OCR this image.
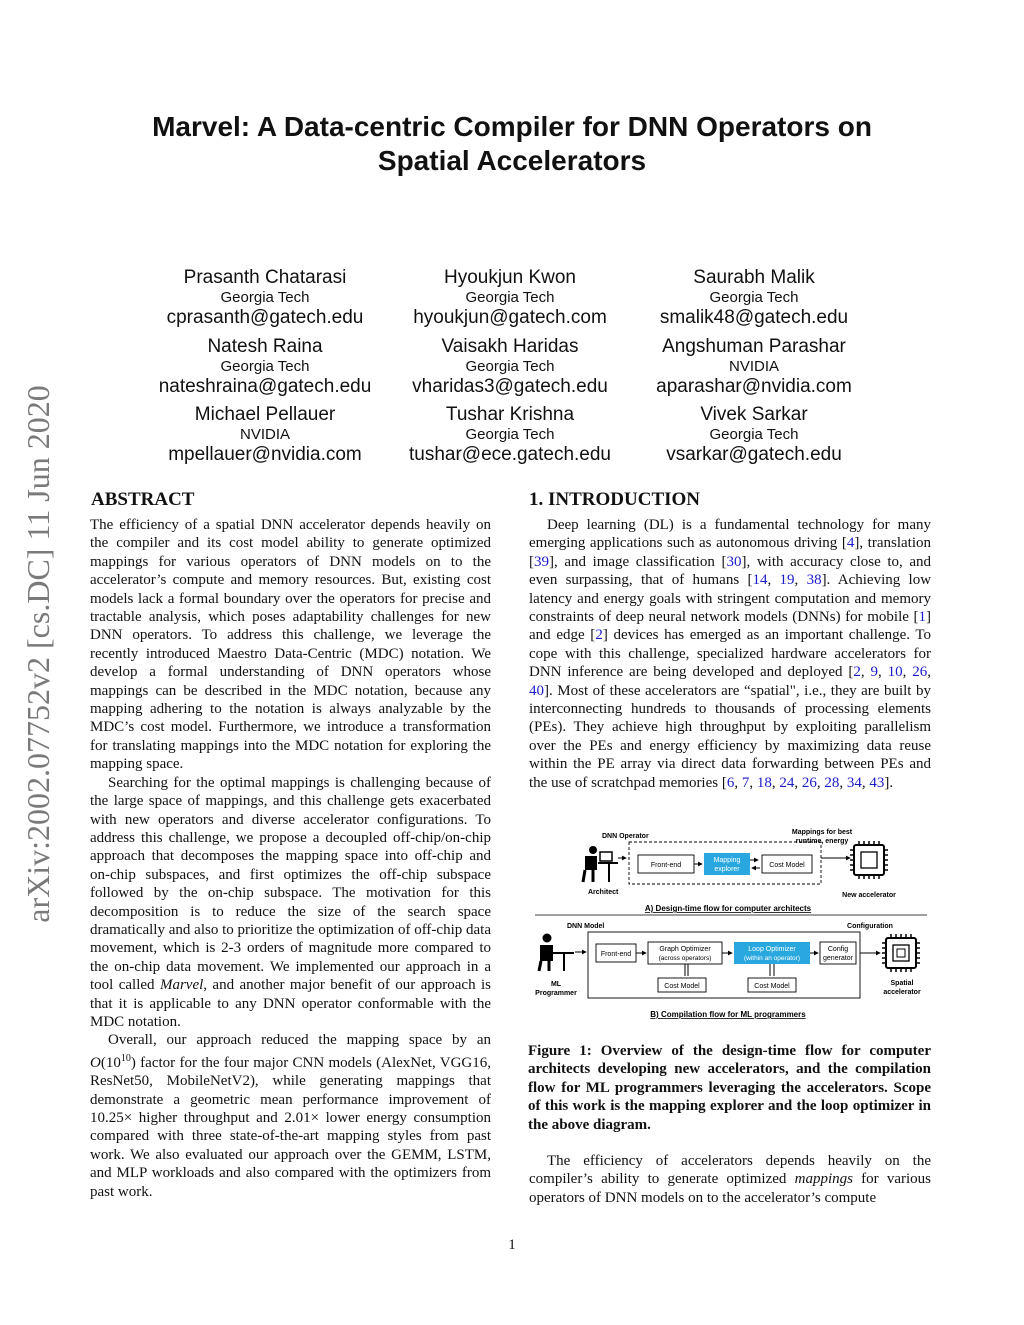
Marvel: A Data-centric Compiler for DNN Operators on
Spatial Accelerators
arXiv:2002.07752v2 [cs.DC] 11 Jun 2020
Prasanth Chatarasi
Georgia Tech
cprasanth@gatech.edu
Hyoukjun Kwon
Georgia Tech
hyoukjun@gatech.com
Saurabh Malik
Georgia Tech
smalik48@gatech.edu
Natesh Raina
Georgia Tech
nateshraina@gatech.edu
Vaisakh Haridas
Georgia Tech
vharidas3@gatech.edu
Angshuman Parashar
NVIDIA
aparashar@nvidia.com
Michael Pellauer
NVIDIA
mpellauer@nvidia.com
Tushar Krishna
Georgia Tech
tushar@ece.gatech.edu
Vivek Sarkar
Georgia Tech
vsarkar@gatech.edu
ABSTRACT

The efficiency of a spatial DNN accelerator depends heavily on the compiler and its cost model ability to generate optimized mappings for various operators of DNN models on to the accelerator’s compute and memory resources. But, existing cost models lack a formal boundary over the operators for precise and tractable analysis, which poses adaptability challenges for new DNN operators. To address this challenge, we leverage the recently introduced Maestro Data-Centric (MDC) notation. We develop a formal understanding of DNN operators whose mappings can be described in the MDC notation, because any mapping adhering to the notation is always analyzable by the MDC’s cost model. Furthermore, we introduce a transformation for translating mappings into the MDC notation for exploring the mapping space.

Searching for the optimal mappings is challenging because of the large space of mappings, and this challenge gets exacerbated with new operators and diverse accelerator configurations. To address this challenge, we propose a decoupled off-chip/on-chip approach that decomposes the mapping space into off-chip and on-chip subspaces, and first optimizes the off-chip subspace followed by the on-chip subspace. The motivation for this decomposition is to reduce the size of the search space dramatically and also to prioritize the optimization of off-chip data movement, which is 2-3 orders of magnitude more compared to the on-chip data movement. We implemented our approach in a tool called Marvel, and another major benefit of our approach is that it is applicable to any DNN operator conformable with the MDC notation.

Overall, our approach reduced the mapping space by an $O(10^{10})$ factor for the four major CNN models (AlexNet, VGG16, ResNet50, MobileNetV2), while generating mappings that demonstrate a geometric mean performance improvement of 10.25× higher throughput and 2.01× lower energy consumption compared with three state-of-the-art mapping styles from past work. We also evaluated our approach over the GEMM, LSTM, and MLP workloads and also compared with the optimizers from past work.

1. INTRODUCTION

Deep learning (DL) is a fundamental technology for many emerging applications such as autonomous driving [4], translation [39], and image classification [30], with accuracy close to, and even surpassing, that of humans [14, 19, 38]. Achieving low latency and energy goals with stringent computation and memory constraints of deep neural network models (DNNs) for mobile [1] and edge [2] devices has emerged as an important challenge. To cope with this challenge, specialized hardware accelerators for DNN inference are being developed and deployed [2, 9, 10, 26, 40]. Most of these accelerators are “spatial", i.e., they are built by interconnecting hundreds to thousands of processing elements (PEs). They achieve high throughput by exploiting parallelism over the PEs and energy efficiency by maximizing data reuse within the PE array via direct data forwarding between PEs and the use of scratchpad memories [6, 7, 18, 24, 26, 28, 34, 43].

DNN Operator
Mappings for best
runtime, energy
Architect
Front-end
Mapping
explorer
Cost Model
New accelerator
A) Design-time flow for computer architects
DNN Model	Configuration
ML
Programmer
Front-end
Graph Optimizer
(across operators)
Loop Optimizer
(within an operator)
Config
generator
Cost Model	Cost Model	Spatial
accelerator
B) Compilation flow for ML programmers
Figure 1: Overview of the design-time flow for computer architects developing new accelerators, and the compilation flow for ML programmers leveraging the accelerators. Scope of this work is the mapping explorer and the loop optimizer in the above diagram.

The efficiency of accelerators depends heavily on the compiler’s ability to generate optimized mappings for various operators of DNN models on to the accelerator’s compute

1
